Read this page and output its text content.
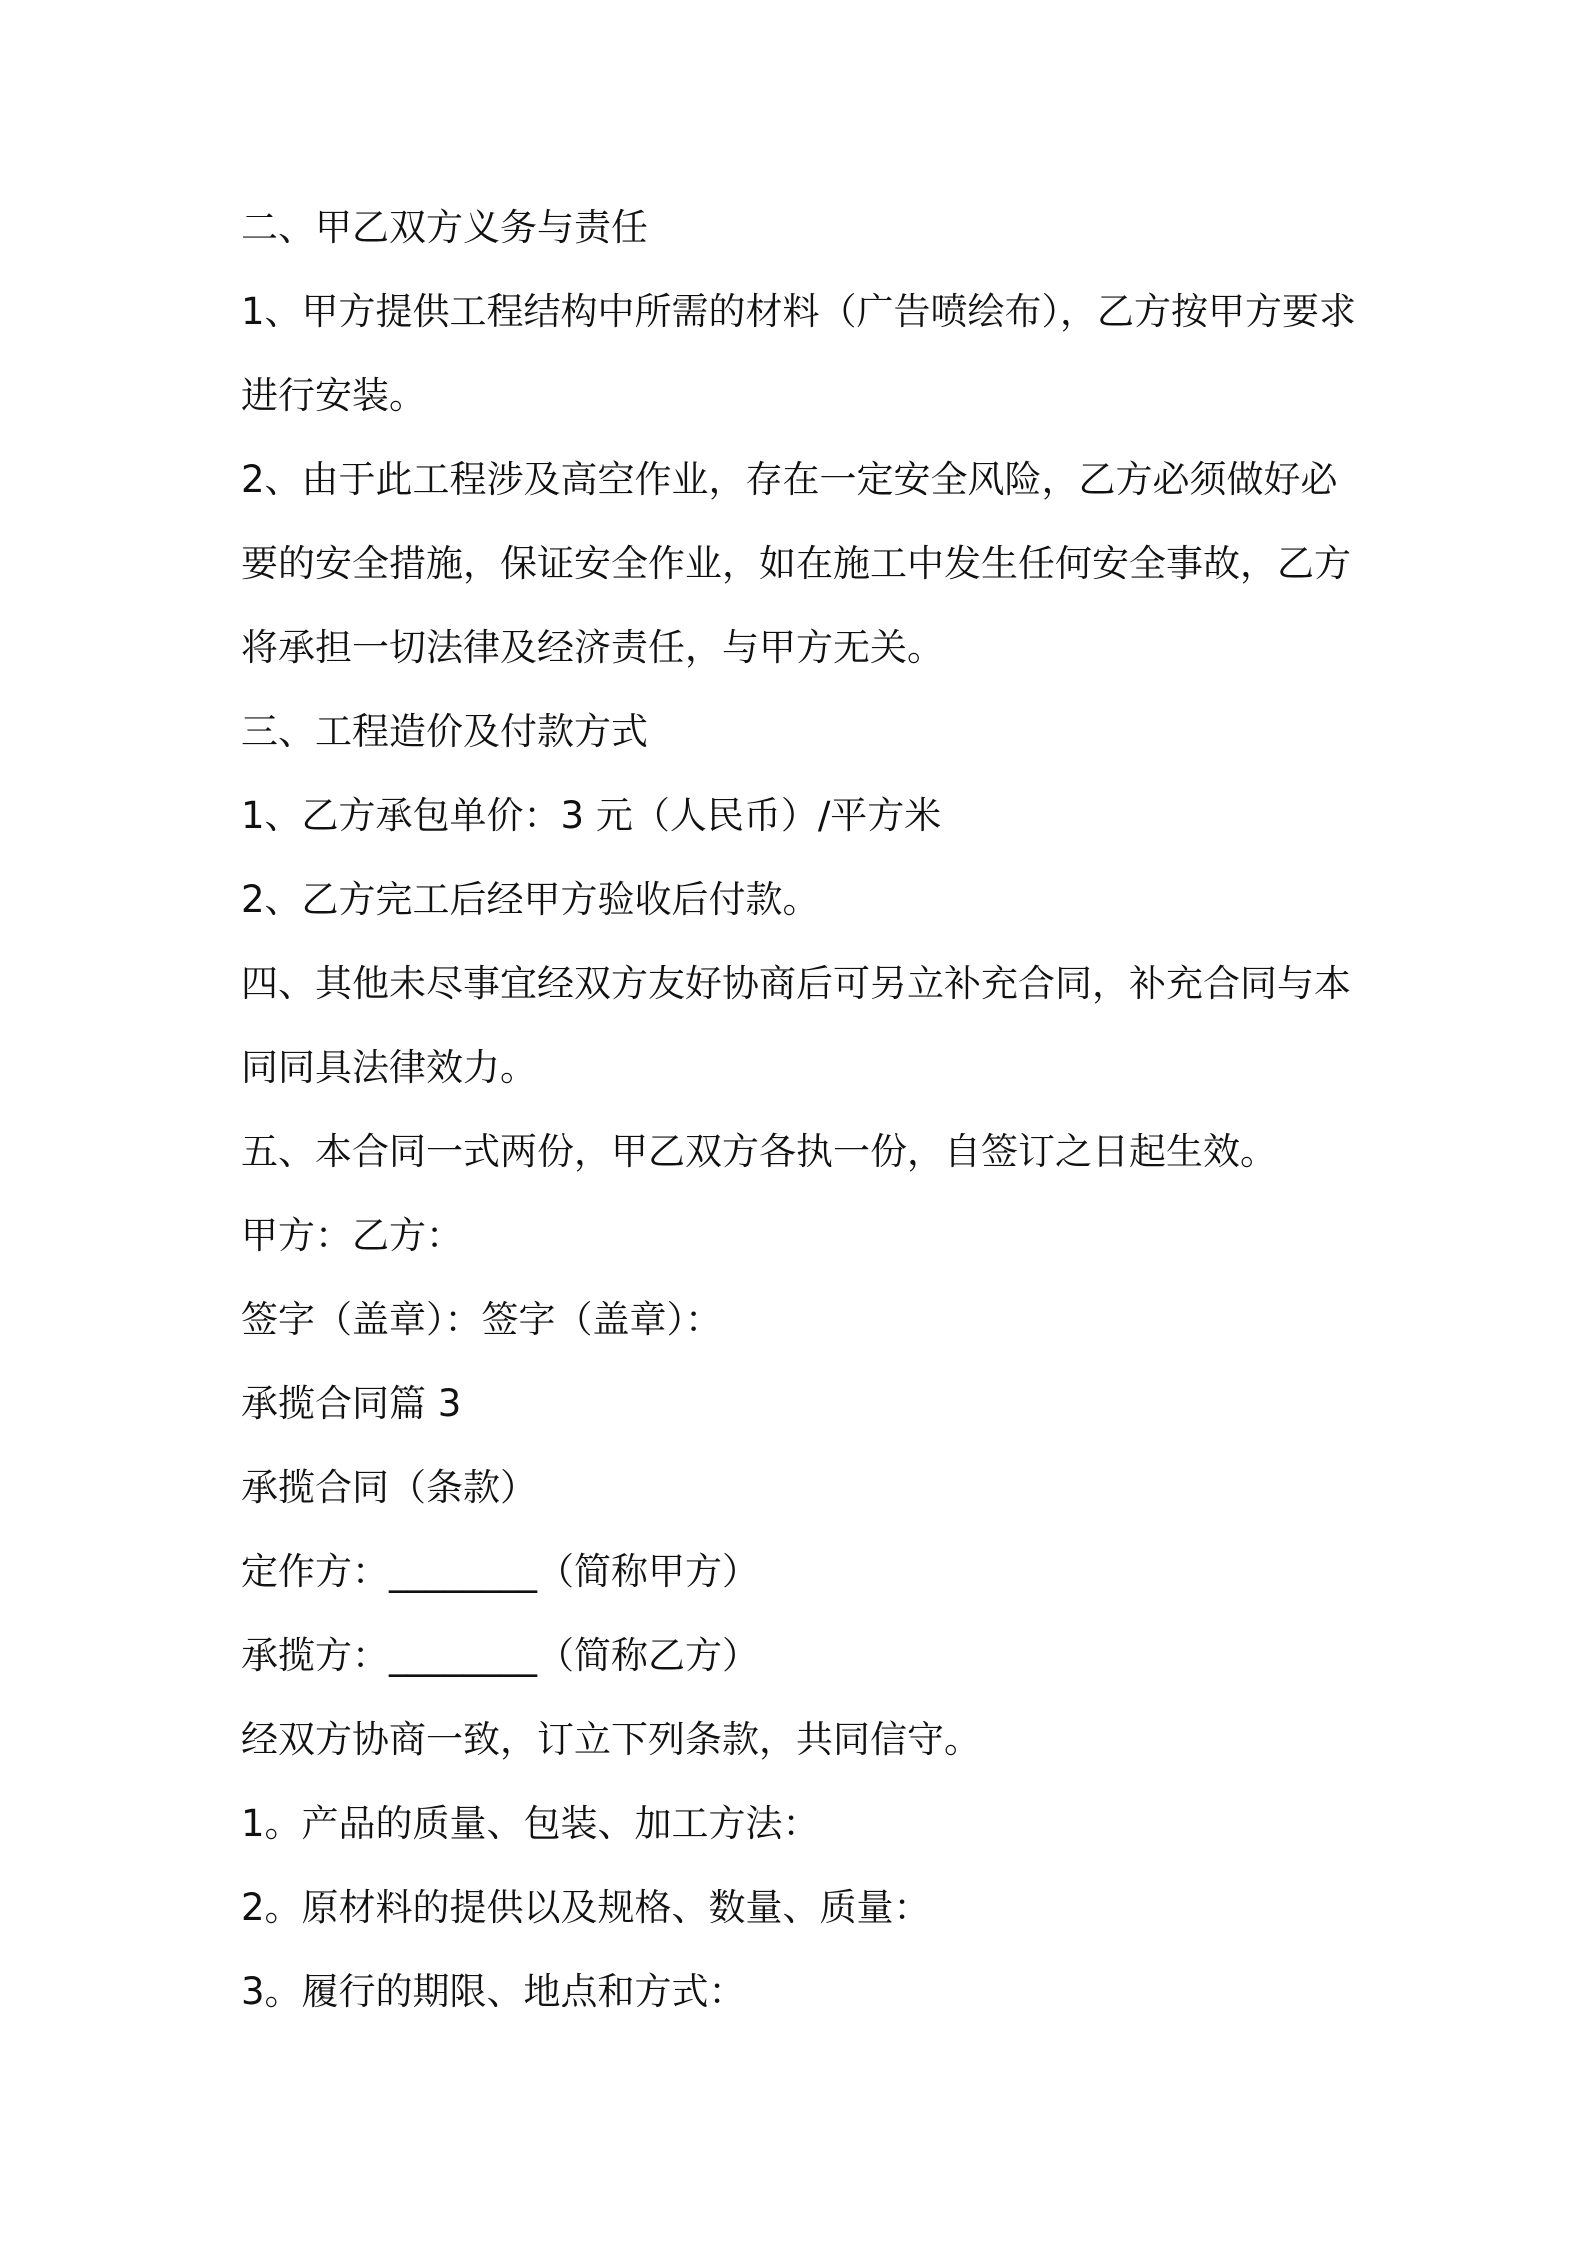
二、甲乙双方义务与责任
1、甲方提供工程结构中所需的材料（广告喷绘布），乙方按甲方要求
进行安装。
2、由于此工程涉及高空作业，存在一定安全风险，乙方必须做好必
要的安全措施，保证安全作业，如在施工中发生任何安全事故，乙方
将承担一切法律及经济责任，与甲方无关。
三、工程造价及付款方式
1、乙方承包单价：3 元（人民币）/平方米
2、乙方完工后经甲方验收后付款。
四、其他未尽事宜经双方友好协商后可另立补充合同，补充合同与本
同同具法律效力。
五、本合同一式两份，甲乙双方各执一份，自签订之日起生效。
甲方：乙方：
签字（盖章）：签字（盖章）：
承揽合同篇 3
承揽合同（条款）
定作方：________（简称甲方）
承揽方：________（简称乙方）
经双方协商一致，订立下列条款，共同信守。
1。产品的质量、包装、加工方法：
2。原材料的提供以及规格、数量、质量：
3。履行的期限、地点和方式：
